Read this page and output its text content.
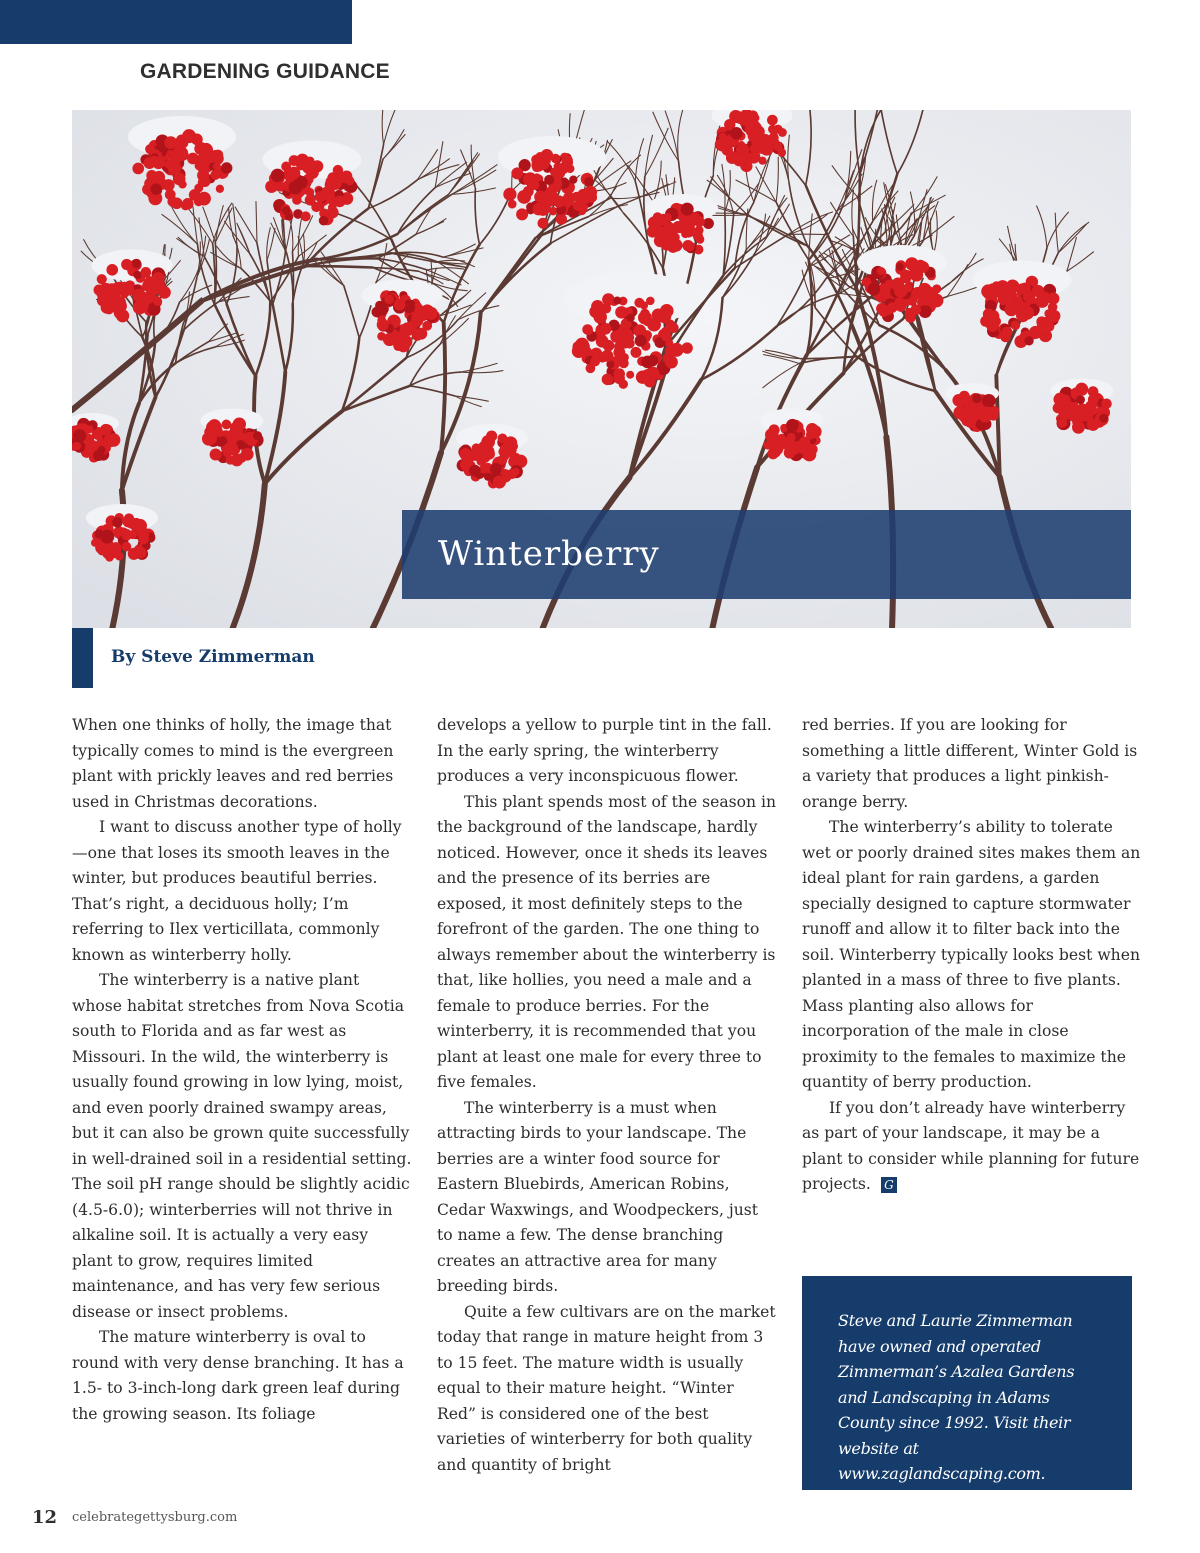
GARDENING GUIDANCE
Winterberry
By Steve Zimmerman

When one thinks of holly, the image that typically comes to mind is the evergreen plant with prickly leaves and red berries used in Christmas decorations.

I want to discuss another type of holly—one that loses its smooth leaves in the winter, but produces beautiful berries. That’s right, a deciduous holly; I’m referring to Ilex verticillata, commonly known as winterberry holly.

The winterberry is a native plant whose habitat stretches from Nova Scotia south to Florida and as far west as Missouri. In the wild, the winterberry is usually found growing in low lying, moist, and even poorly drained swampy areas, but it can also be grown quite successfully in well-drained soil in a residential setting. The soil pH range should be slightly acidic (4.5-6.0); winterberries will not thrive in alkaline soil. It is actually a very easy plant to grow, requires limited maintenance, and has very few serious disease or insect problems.

The mature winterberry is oval to round with very dense branching. It has a 1.5- to 3-inch-long dark green leaf during the growing season. Its foliage

develops a yellow to purple tint in the fall. In the early spring, the winterberry produces a very inconspicuous flower.

This plant spends most of the season in the background of the landscape, hardly noticed. However, once it sheds its leaves and the presence of its berries are exposed, it most definitely steps to the forefront of the garden. The one thing to always remember about the winterberry is that, like hollies, you need a male and a female to produce berries. For the winterberry, it is recommended that you plant at least one male for every three to five females.

The winterberry is a must when attracting birds to your landscape. The berries are a winter food source for Eastern Bluebirds, American Robins, Cedar Waxwings, and Woodpeckers, just to name a few. The dense branching creates an attractive area for many breeding birds.

Quite a few cultivars are on the market today that range in mature height from 3 to 15 feet. The mature width is usually equal to their mature height. “Winter Red” is considered one of the best varieties of winterberry for both quality and quantity of bright

red berries. If you are looking for something a little different, Winter Gold is a variety that produces a light pinkish-orange berry.

The winterberry’s ability to tolerate wet or poorly drained sites makes them an ideal plant for rain gardens, a garden specially designed to capture stormwater runoff and allow it to filter back into the soil. Winterberry typically looks best when planted in a mass of three to five plants. Mass planting also allows for incorporation of the male in close proximity to the females to maximize the quantity of berry production.

If you don’t already have winterberry as part of your landscape, it may be a plant to consider while planning for future projects. G

Steve and Laurie Zimmerman have owned and operated Zimmerman’s Azalea Gardens and Landscaping in Adams County since 1992. Visit their website at www.zaglandscaping.com.
12 celebrategettysburg.com
